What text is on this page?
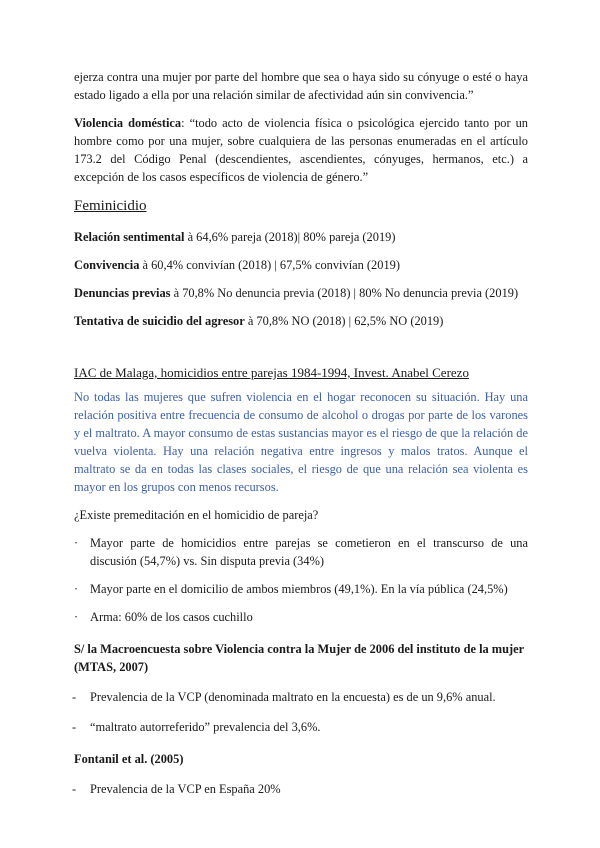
ejerza contra una mujer por parte del hombre que sea o haya sido su cónyuge o esté o haya estado ligado a ella por una relación similar de afectividad aún sin convivencia.”

Violencia doméstica: “todo acto de violencia física o psicológica ejercido tanto por un hombre como por una mujer, sobre cualquiera de las personas enumeradas en el artículo 173.2 del Código Penal (descendientes, ascendientes, cónyuges, hermanos, etc.) a excepción de los casos específicos de violencia de género.”

Feminicidio

Relación sentimental à 64,6% pareja (2018)| 80% pareja (2019)

Convivencia à 60,4% convivían (2018) | 67,5% convivían (2019)

Denuncias previas à 70,8% No denuncia previa (2018) | 80% No denuncia previa (2019)

Tentativa de suicidio del agresor à 70,8% NO (2018) | 62,5% NO (2019)

IAC de Malaga, homicidios entre parejas 1984-1994, Invest. Anabel Cerezo

No todas las mujeres que sufren violencia en el hogar reconocen su situación. Hay una relación positiva entre frecuencia de consumo de alcohol o drogas por parte de los varones y el maltrato. A mayor consumo de estas sustancias mayor es el riesgo de que la relación de vuelva violenta. Hay una relación negativa entre ingresos y malos tratos. Aunque el maltrato se da en todas las clases sociales, el riesgo de que una relación sea violenta es mayor en los grupos con menos recursos.

¿Existe premeditación en el homicidio de pareja?

· Mayor parte de homicidios entre parejas se cometieron en el transcurso de una discusión (54,7%) vs. Sin disputa previa (34%)
· Mayor parte en el domicilio de ambos miembros (49,1%). En la vía pública (24,5%)
· Arma: 60% de los casos cuchillo
S/ la Macroencuesta sobre Violencia contra la Mujer de 2006 del instituto de la mujer (MTAS, 2007)
- Prevalencia de la VCP (denominada maltrato en la encuesta) es de un 9,6% anual.
- “maltrato autorreferido” prevalencia del 3,6%.
Fontanil et al. (2005)
- Prevalencia de la VCP en España 20%
